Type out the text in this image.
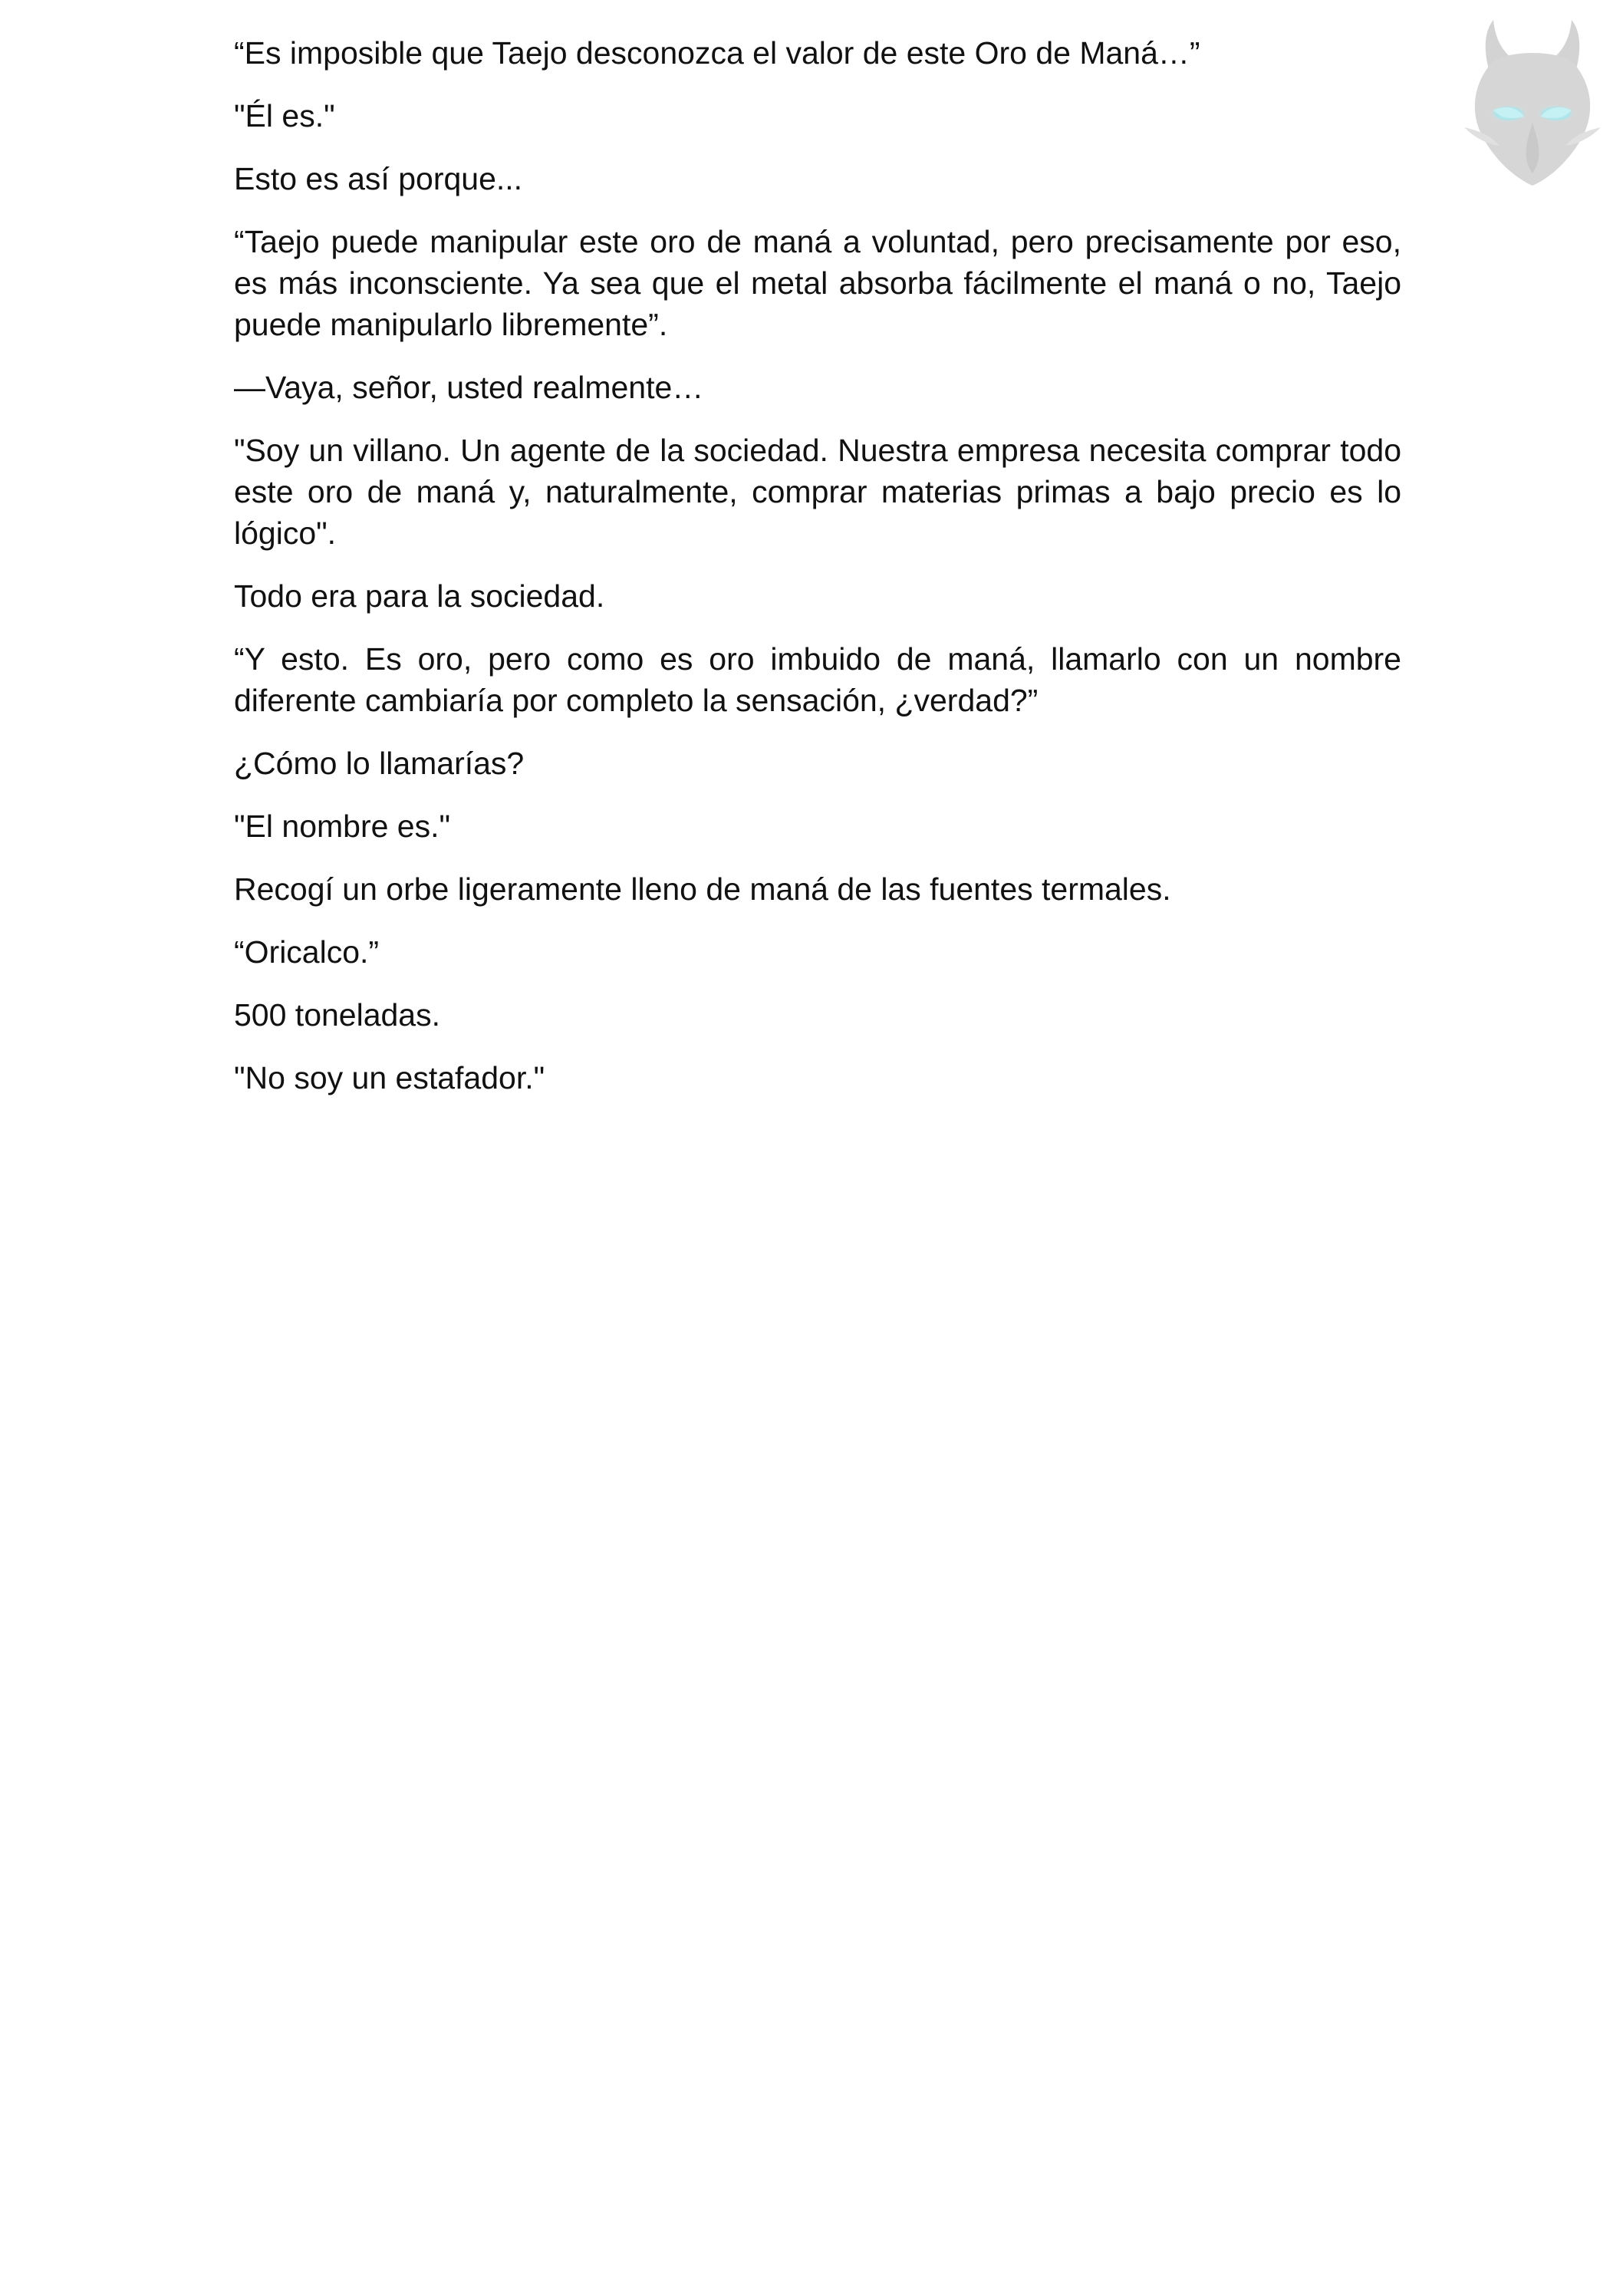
“Es imposible que Taejo desconozca el valor de este Oro de Maná…”

"Él es."

Esto es así porque...

“Taejo puede manipular este oro de maná a voluntad, pero precisamente por eso, es más inconsciente. Ya sea que el metal absorba fácilmente el maná o no, Taejo puede manipularlo libremente”.

—Vaya, señor, usted realmente…

"Soy un villano. Un agente de la sociedad. Nuestra empresa necesita comprar todo este oro de maná y, naturalmente, comprar materias primas a bajo precio es lo lógico".

Todo era para la sociedad.

“Y esto. Es oro, pero como es oro imbuido de maná, llamarlo con un nombre diferente cambiaría por completo la sensación, ¿verdad?”

¿Cómo lo llamarías?

"El nombre es."

Recogí un orbe ligeramente lleno de maná de las fuentes termales.

“Oricalco.”

500 toneladas.

"No soy un estafador."
